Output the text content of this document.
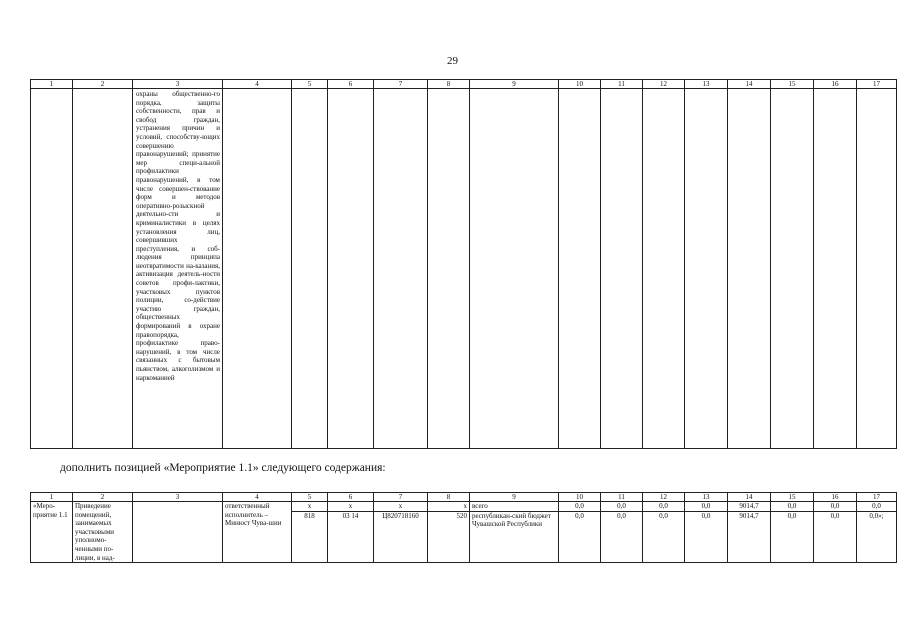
29
1	2	3	4	5	6	7	8	9	10	11	12	13	14	15	16	17
		охраны общественно-го порядка, защиты собственности, прав и свобод граждан, устранения причин и условий, способству-ющих совершению правонарушений; принятие мер специ-альной профилактики правонарушений, в том числе совершен-ствование форм и методов оперативно-розыскной деятельно-сти и криминалистики в целях установления лиц, совершивших преступления, и соб-людения принципа неотвратимости на-казания, активизация деятель-ности советов профи-лактики, участковых пунктов полиции, со-действие участию граждан, общественных формирований в охране правопорядка, профилактике право-нарушений, в том числе связанных с бытовым пьянством, алкоголизмом и наркоманией														
дополнить позицией «Мероприятие 1.1» следующего содержания:
1	2	3	4	5	6	7	8	9	10	11	12	13	14	15	16	17
«Меро-приятие 1.1	Приведение помещений, занимаемых участковыми уполномо-ченными по-лиции, в над-		ответственный исполнитель – Минюст Чува-шии	х	х	х	х	всего	0,0	0,0	0,0	0,0	9014,7	0,0	0,0	0,0
				818	03 14	Ц820718160	520	республикан-ский бюджет Чувашской Республики	0,0	0,0	0,0	0,0	9014,7	0,0	0,0	0,0»;
